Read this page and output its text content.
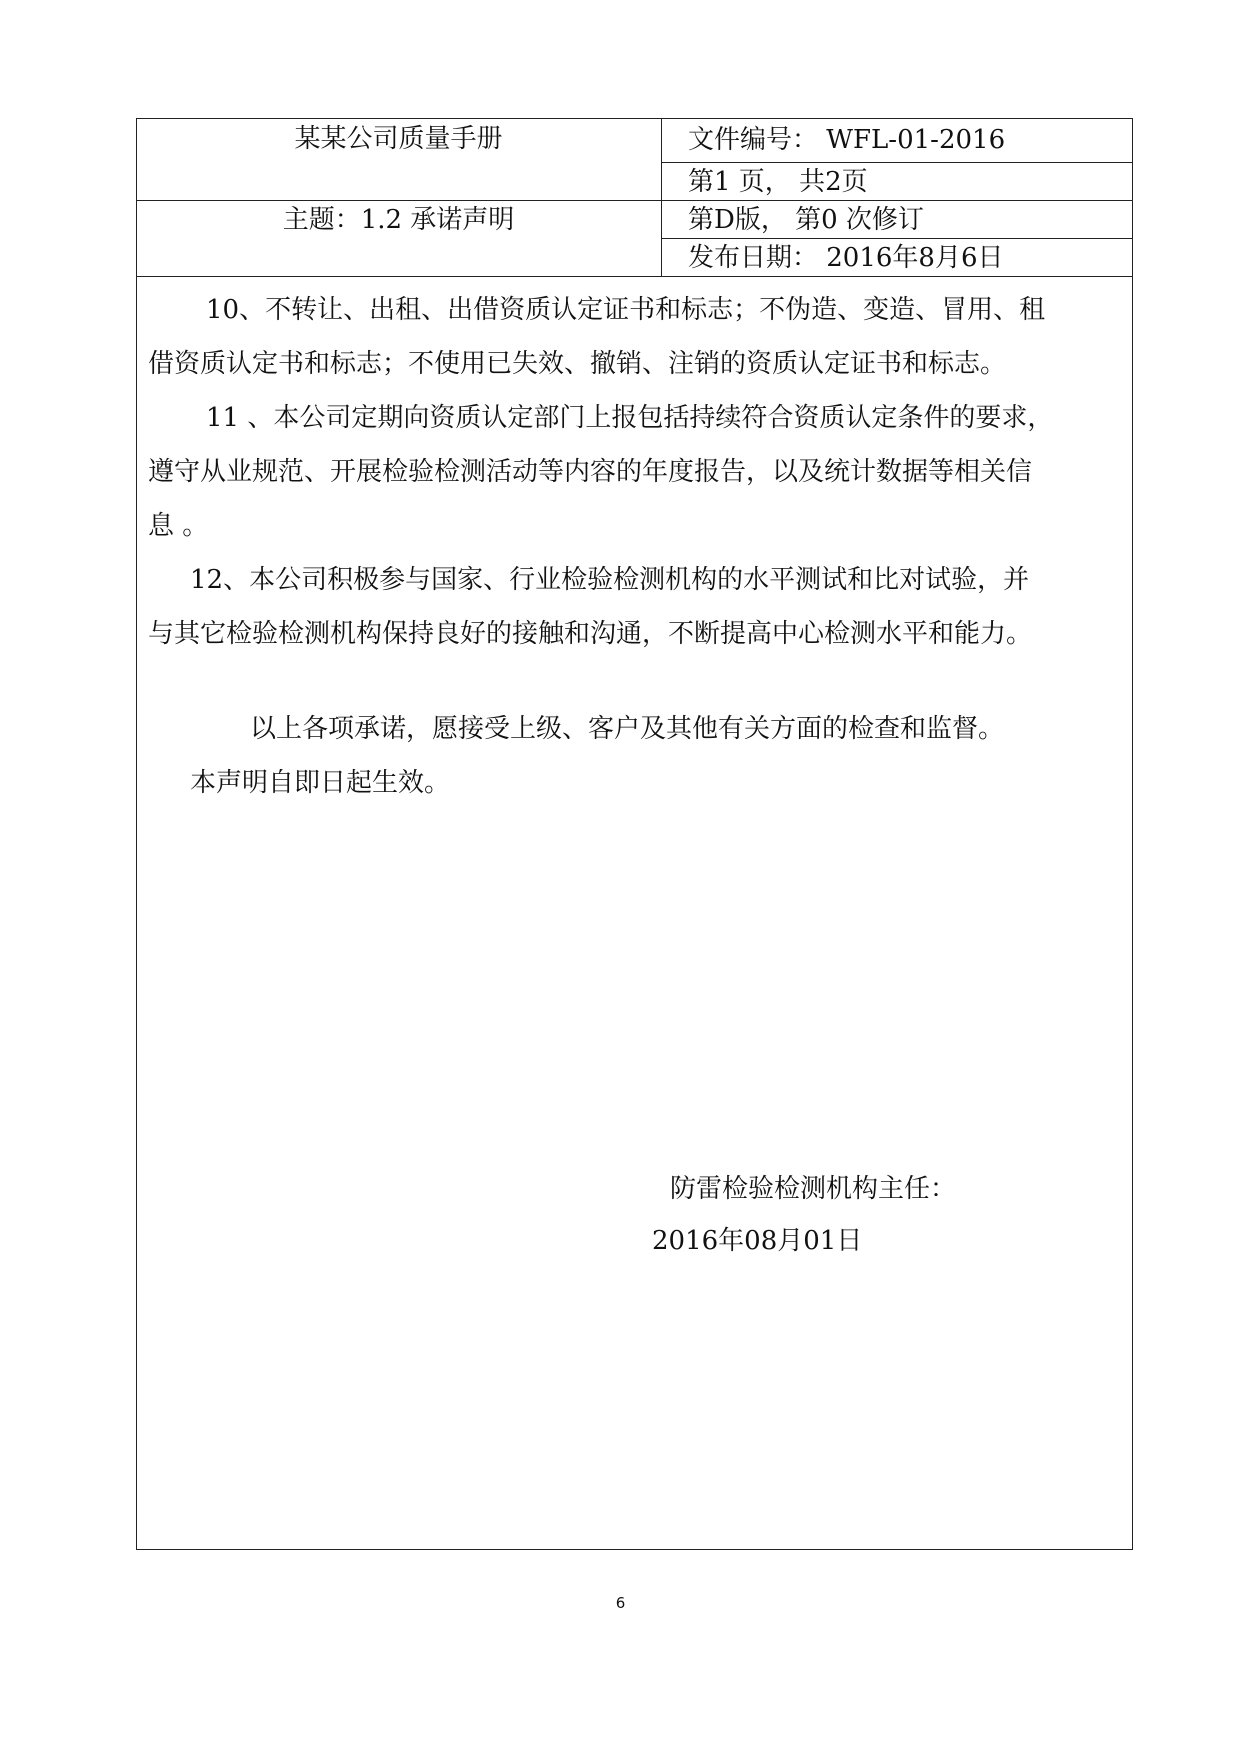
某某公司质量手册	文件编号： WFL-01-2016
第1 页， 共2页
主题：1.2 承诺声明	第D版， 第0 次修订
发布日期： 2016年8月6日
10、不转让、出租、出借资质认定证书和标志；不伪造、变造、冒用、租
借资质认定书和标志；不使用已失效、撤销、注销的资质认定证书和标志。
11 、本公司定期向资质认定部门上报包括持续符合资质认定条件的要求，
遵守从业规范、开展检验检测活动等内容的年度报告，以及统计数据等相关信
息 。
12、本公司积极参与国家、行业检验检测机构的水平测试和比对试验，并
与其它检验检测机构保持良好的接触和沟通，不断提高中心检测水平和能力。
以上各项承诺，愿接受上级、客户及其他有关方面的检查和监督。
本声明自即日起生效。
防雷检验检测机构主任：
2016年08月01日
6
